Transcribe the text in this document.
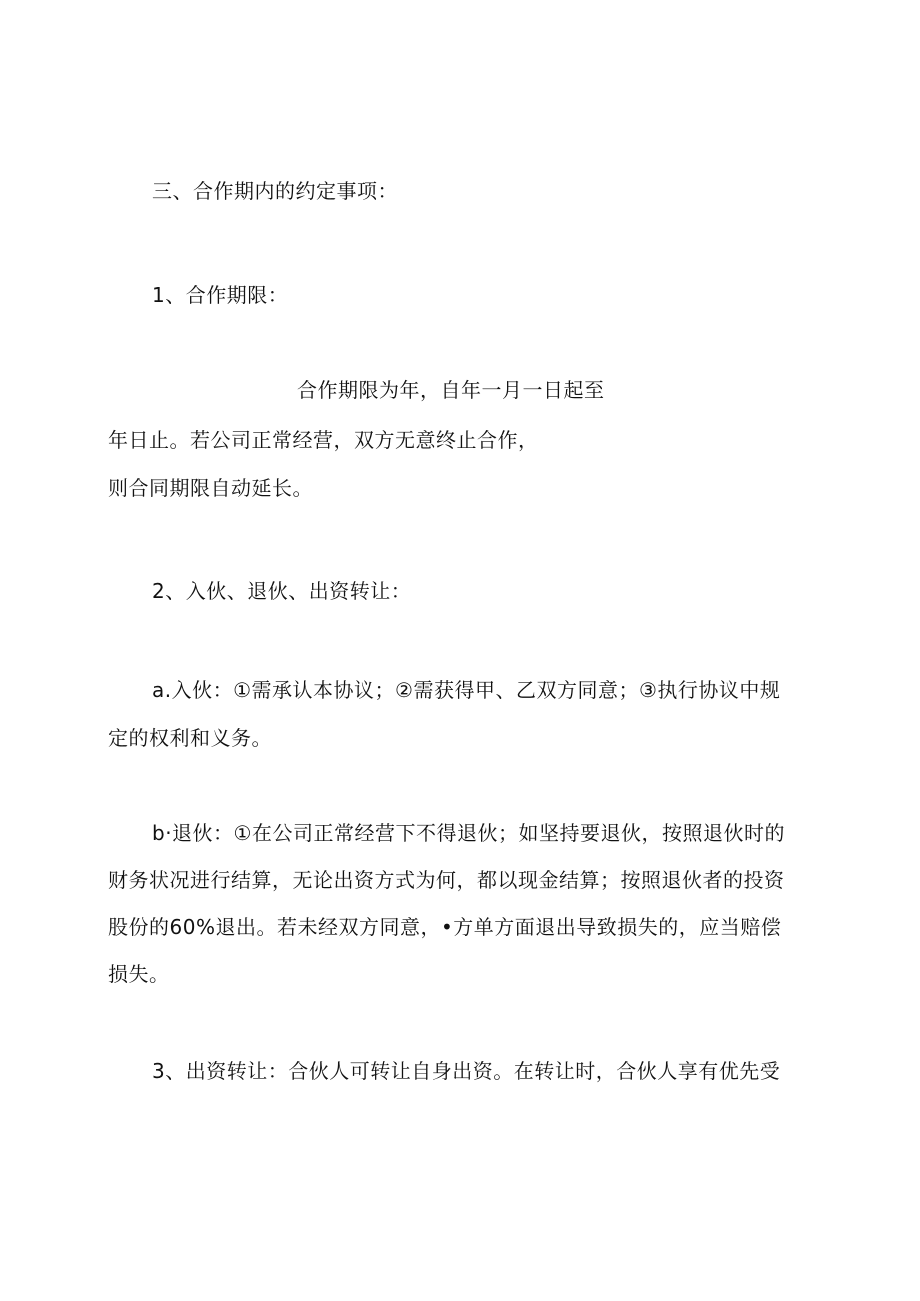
三、合作期内的约定事项：
1、合作期限：
合作期限为年，自年一月一日起至
年日止。若公司正常经营，双方无意终止合作，
则合同期限自动延长。
2、入伙、退伙、出资转让：
a.入伙：①需承认本协议；②需获得甲、乙双方同意；③执行协议中规
定的权利和义务。
b·退伙：①在公司正常经营下不得退伙；如坚持要退伙，按照退伙时的
财务状况进行结算，无论出资方式为何，都以现金结算；按照退伙者的投资
股份的60%退出。若未经双方同意，•方单方面退出导致损失的，应当赔偿
损失。
3、出资转让：合伙人可转让自身出资。在转让时，合伙人享有优先受
